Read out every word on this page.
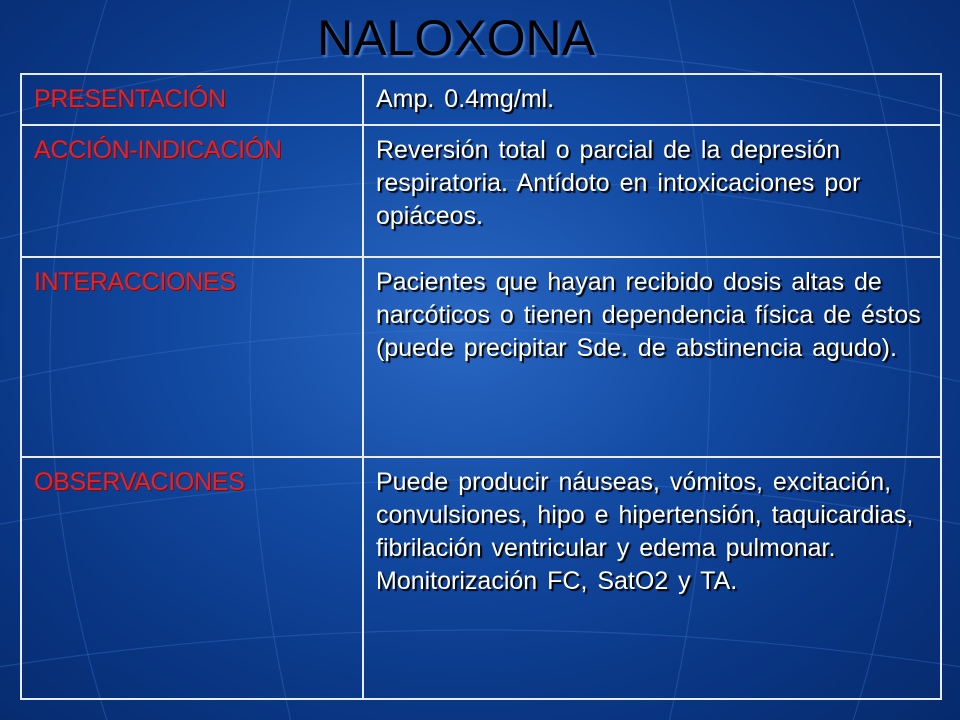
NALOXONA
PRESENTACIÓN	Amp. 0.4mg/ml.
ACCIÓN-INDICACIÓN	Reversión total o parcial de la depresión respiratoria. Antídoto en intoxicaciones por opiáceos.
INTERACCIONES	Pacientes que hayan recibido dosis altas de narcóticos o tienen dependencia física de éstos (puede precipitar Sde. de abstinencia agudo).
OBSERVACIONES	Puede producir náuseas, vómitos, excitación, convulsiones, hipo e hipertensión, taquicardias, fibrilación ventricular y edema pulmonar. Monitorización FC, SatO2 y TA.
